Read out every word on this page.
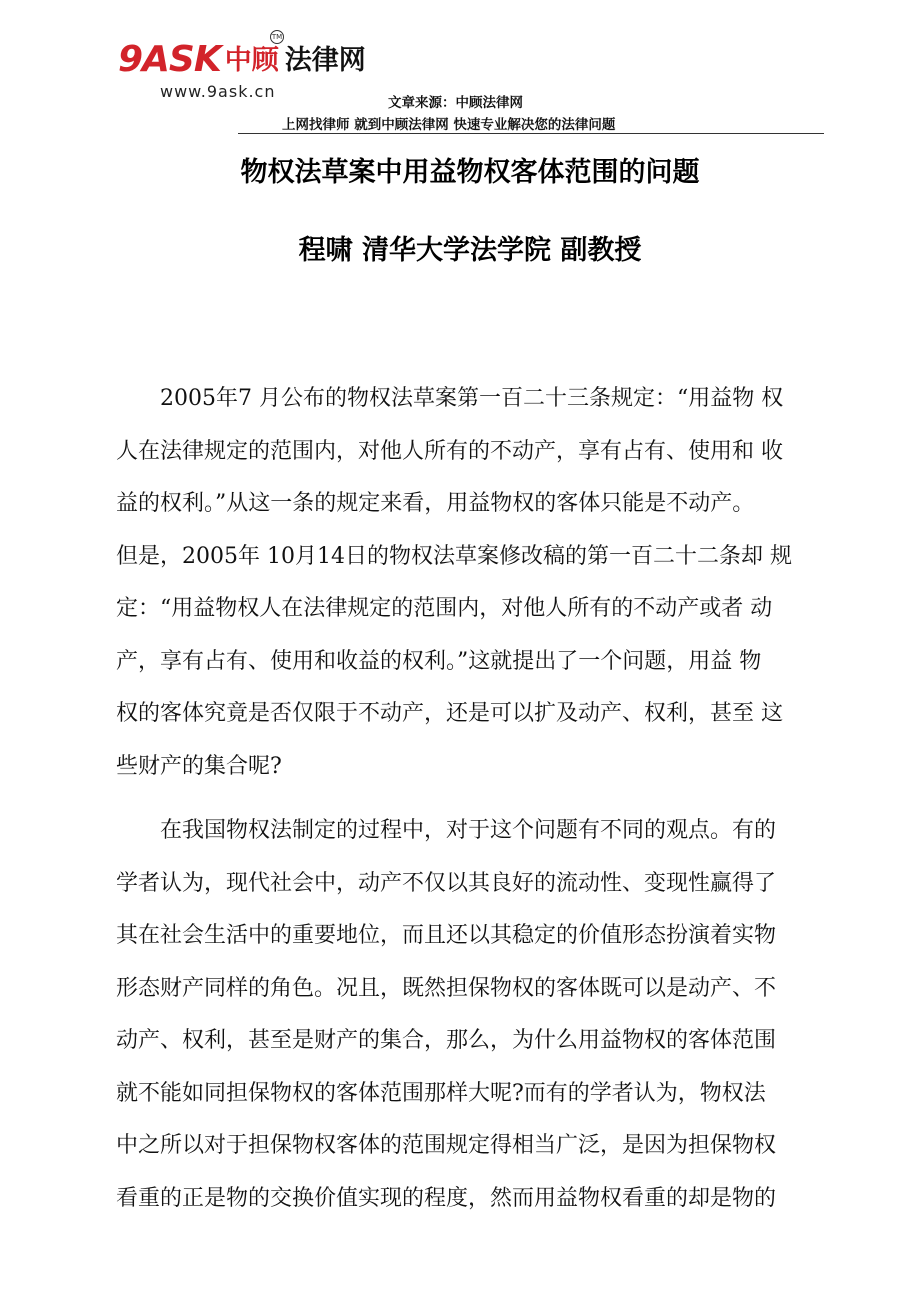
9ASK 中顾 法律网
TM
www.9ask.cn
文章来源：中顾法律网
上网找律师 就到中顾法律网 快速专业解决您的法律问题
物权法草案中用益物权客体范围的问题
程啸 清华大学法学院 副教授
2005年7 月公布的物权法草案第一百二十三条规定：“用益物 权
人在法律规定的范围内，对他人所有的不动产，享有占有、使用和 收
益的权利。”从这一条的规定来看，用益物权的客体只能是不动产。
但是，2005年 10月14日的物权法草案修改稿的第一百二十二条却 规
定：“用益物权人在法律规定的范围内，对他人所有的不动产或者 动
产，享有占有、使用和收益的权利。”这就提出了一个问题，用益 物
权的客体究竟是否仅限于不动产，还是可以扩及动产、权利，甚至 这
些财产的集合呢?
在我国物权法制定的过程中，对于这个问题有不同的观点。有的
学者认为，现代社会中，动产不仅以其良好的流动性、变现性赢得了
其在社会生活中的重要地位，而且还以其稳定的价值形态扮演着实物
形态财产同样的角色。况且，既然担保物权的客体既可以是动产、不
动产、权利，甚至是财产的集合，那么，为什么用益物权的客体范围
就不能如同担保物权的客体范围那样大呢?而有的学者认为，物权法
中之所以对于担保物权客体的范围规定得相当广泛，是因为担保物权
看重的正是物的交换价值实现的程度，然而用益物权看重的却是物的
